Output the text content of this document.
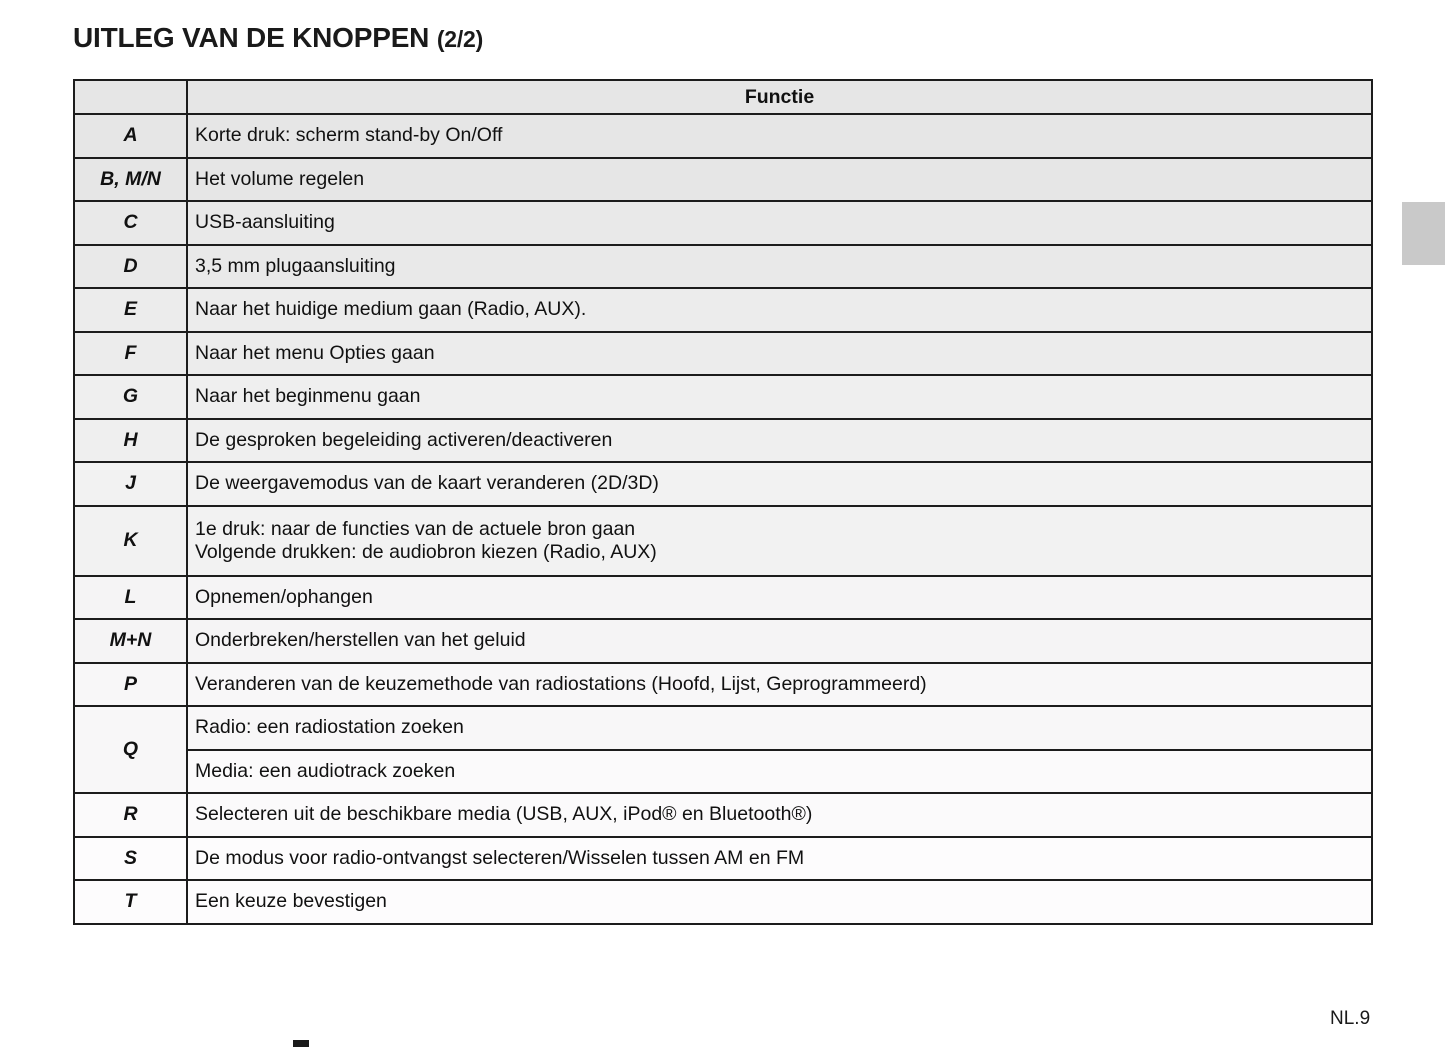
UITLEG VAN DE KNOPPEN (2/2)
	Functie
A	Korte druk: scherm stand-by On/Off
B, M/N	Het volume regelen
C	USB-aansluiting
D	3,5 mm plugaansluiting
E	Naar het huidige medium gaan (Radio, AUX).
F	Naar het menu Opties gaan
G	Naar het beginmenu gaan
H	De gesproken begeleiding activeren/deactiveren
J	De weergavemodus van de kaart veranderen (2D/3D)
K	1e druk: naar de functies van de actuele bron gaan
Volgende drukken: de audiobron kiezen (Radio, AUX)

L	Opnemen/ophangen
M+N	Onderbreken/herstellen van het geluid
P	Veranderen van de keuzemethode van radiostations (Hoofd, Lijst, Geprogrammeerd)
Q	Radio: een radiostation zoeken
	Media: een audiotrack zoeken
R	Selecteren uit de beschikbare media (USB, AUX, iPod® en Bluetooth®)
S	De modus voor radio-ontvangst selecteren/Wisselen tussen AM en FM
T	Een keuze bevestigen
NL.9
